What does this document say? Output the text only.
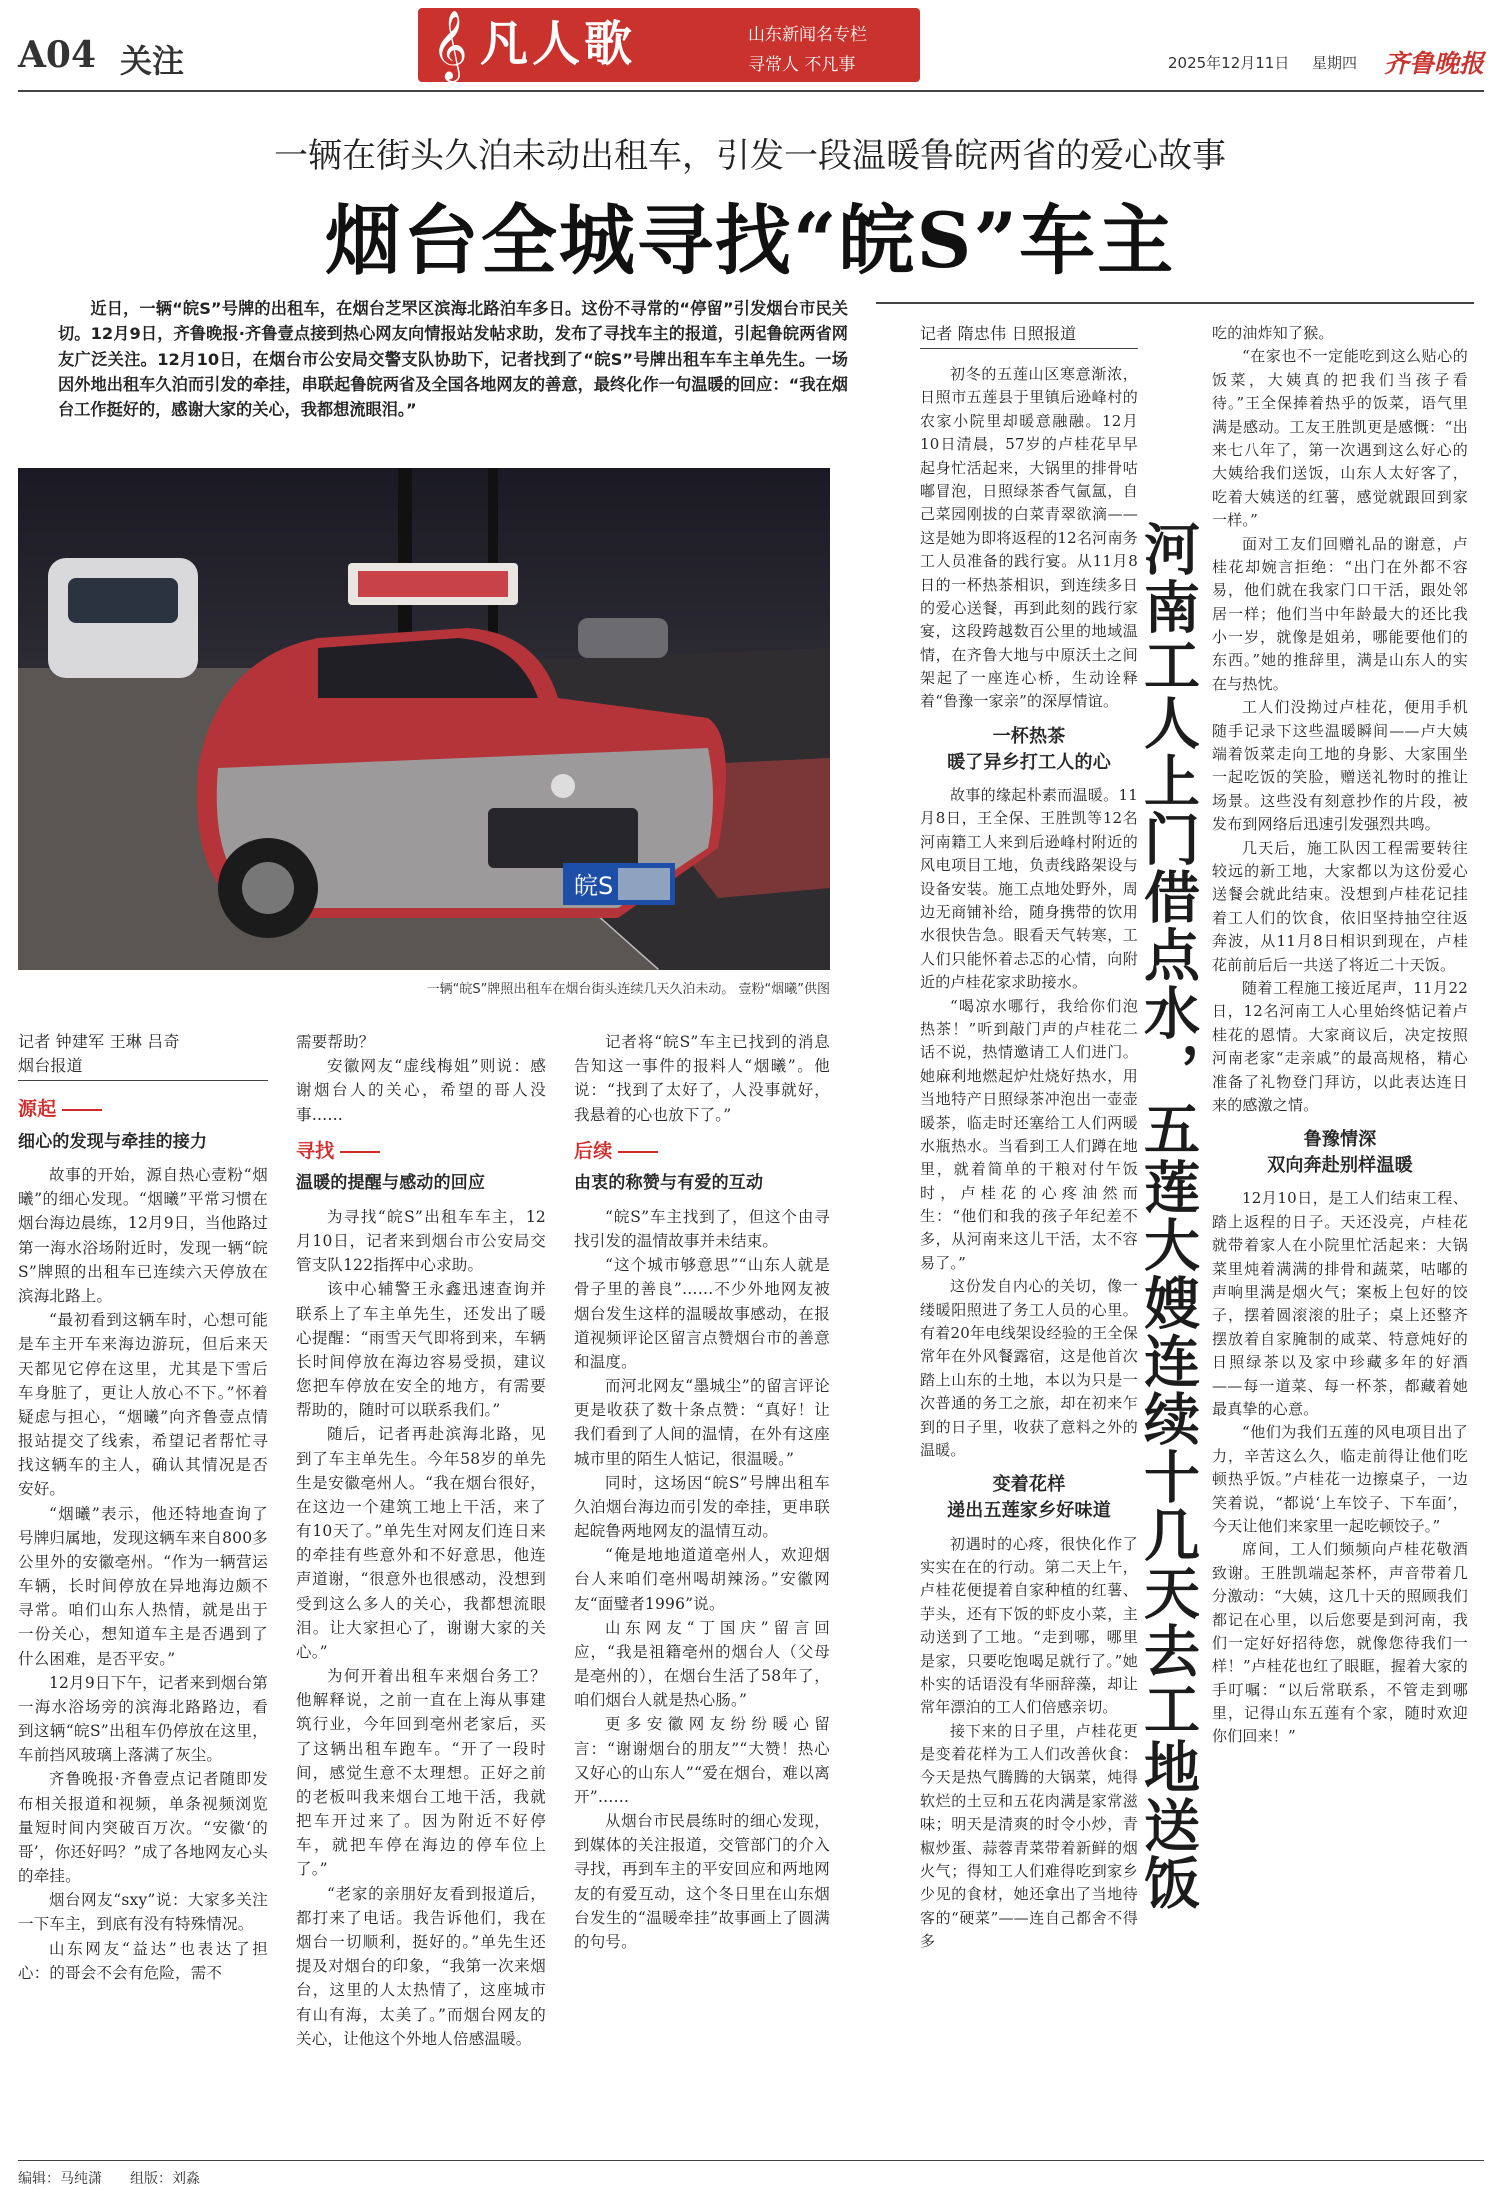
A04 关注	𝄞 凡人歌	山东新闻名专栏
寻常人 不凡事	2025年12月11日 星期四 齐鲁晚报
一辆在街头久泊未动出租车，引发一段温暖鲁皖两省的爱心故事
烟台全城寻找“皖S”车主
近日，一辆“皖S”号牌的出租车，在烟台芝罘区滨海北路泊车多日。这份不寻常的“停留”引发烟台市民关切。12月9日，齐鲁晚报·齐鲁壹点接到热心网友向情报站发帖求助，发布了寻找车主的报道，引起鲁皖两省网友广泛关注。12月10日，在烟台市公安局交警支队协助下，记者找到了“皖S”号牌出租车车主单先生。一场因外地出租车久泊而引发的牵挂，串联起鲁皖两省及全国各地网友的善意，最终化作一句温暖的回应：“我在烟台工作挺好的，感谢大家的关心，我都想流眼泪。”
皖S
一辆“皖S”牌照出租车在烟台街头连续几天久泊未动。 壹粉“烟曦”供图
记者 钟建军 王琳 吕奇
烟台报道
源起
细心的发现与牵挂的接力

故事的开始，源自热心壹粉“烟曦”的细心发现。“烟曦”平常习惯在烟台海边晨练，12月9日，当他路过第一海水浴场附近时，发现一辆“皖S”牌照的出租车已连续六天停放在滨海北路上。

“最初看到这辆车时，心想可能是车主开车来海边游玩，但后来天天都见它停在这里，尤其是下雪后车身脏了，更让人放心不下。”怀着疑虑与担心，“烟曦”向齐鲁壹点情报站提交了线索，希望记者帮忙寻找这辆车的主人，确认其情况是否安好。

“烟曦”表示，他还特地查询了号牌归属地，发现这辆车来自800多公里外的安徽亳州。“作为一辆营运车辆，长时间停放在异地海边颇不寻常。咱们山东人热情，就是出于一份关心，想知道车主是否遇到了什么困难，是否平安。”

12月9日下午，记者来到烟台第一海水浴场旁的滨海北路路边，看到这辆“皖S”出租车仍停放在这里，车前挡风玻璃上落满了灰尘。

齐鲁晚报·齐鲁壹点记者随即发布相关报道和视频，单条视频浏览量短时间内突破百万次。“安徽‘的哥’，你还好吗？”成了各地网友心头的牵挂。

烟台网友“sxy”说：大家多关注一下车主，到底有没有特殊情况。

山东网友“益达”也表达了担心：的哥会不会有危险，需不

需要帮助？

安徽网友“虚线梅姐”则说：感谢烟台人的关心，希望的哥人没事……

寻找
温暖的提醒与感动的回应

为寻找“皖S”出租车车主，12月10日，记者来到烟台市公安局交管支队122指挥中心求助。

该中心辅警王永鑫迅速查询并联系上了车主单先生，还发出了暖心提醒：“雨雪天气即将到来，车辆长时间停放在海边容易受损，建议您把车停放在安全的地方，有需要帮助的，随时可以联系我们。”

随后，记者再赴滨海北路，见到了车主单先生。今年58岁的单先生是安徽亳州人。“我在烟台很好，在这边一个建筑工地上干活，来了有10天了。”单先生对网友们连日来的牵挂有些意外和不好意思，他连声道谢，“很意外也很感动，没想到受到这么多人的关心，我都想流眼泪。让大家担心了，谢谢大家的关心。”

为何开着出租车来烟台务工？他解释说，之前一直在上海从事建筑行业，今年回到亳州老家后，买了这辆出租车跑车。“开了一段时间，感觉生意不太理想。正好之前的老板叫我来烟台工地干活，我就把车开过来了。因为附近不好停车，就把车停在海边的停车位上了。”

“老家的亲朋好友看到报道后，都打来了电话。我告诉他们，我在烟台一切顺利，挺好的。”单先生还提及对烟台的印象，“我第一次来烟台，这里的人太热情了，这座城市有山有海，太美了。”而烟台网友的关心，让他这个外地人倍感温暖。

记者将“皖S”车主已找到的消息告知这一事件的报料人“烟曦”。他说：“找到了太好了，人没事就好，我悬着的心也放下了。”

后续
由衷的称赞与有爱的互动

“皖S”车主找到了，但这个由寻找引发的温情故事并未结束。

“这个城市够意思”“山东人就是骨子里的善良”……不少外地网友被烟台发生这样的温暖故事感动，在报道视频评论区留言点赞烟台市的善意和温度。

而河北网友“墨城尘”的留言评论更是收获了数十条点赞：“真好！让我们看到了人间的温情，在外有这座城市里的陌生人惦记，很温暖。”

同时，这场因“皖S”号牌出租车久泊烟台海边而引发的牵挂，更串联起皖鲁两地网友的温情互动。

“俺是地地道道亳州人，欢迎烟台人来咱们亳州喝胡辣汤。”安徽网友“面璧者1996”说。

山东网友“丁国庆”留言回应，“我是祖籍亳州的烟台人（父母是亳州的），在烟台生活了58年了，咱们烟台人就是热心肠。”

更多安徽网友纷纷暖心留言：“谢谢烟台的朋友”“大赞！热心又好心的山东人”“爱在烟台，难以离开”……

从烟台市民晨练时的细心发现，到媒体的关注报道，交管部门的介入寻找，再到车主的平安回应和两地网友的有爱互动，这个冬日里在山东烟台发生的“温暖牵挂”故事画上了圆满的句号。

记者 隋忠伟 日照报道

初冬的五莲山区寒意渐浓，日照市五莲县于里镇后逊峰村的农家小院里却暖意融融。12月10日清晨，57岁的卢桂花早早起身忙活起来，大锅里的排骨咕嘟冒泡，日照绿茶香气氤氲，自己菜园刚拔的白菜青翠欲滴——这是她为即将返程的12名河南务工人员准备的践行宴。从11月8日的一杯热茶相识，到连续多日的爱心送餐，再到此刻的践行家宴，这段跨越数百公里的地域温情，在齐鲁大地与中原沃土之间架起了一座连心桥，生动诠释着“鲁豫一家亲”的深厚情谊。

一杯热茶
暖了异乡打工人的心

故事的缘起朴素而温暖。11月8日，王全保、王胜凯等12名河南籍工人来到后逊峰村附近的风电项目工地，负责线路架设与设备安装。施工点地处野外，周边无商铺补给，随身携带的饮用水很快告急。眼看天气转寒，工人们只能怀着忐忑的心情，向附近的卢桂花家求助接水。

“喝凉水哪行，我给你们泡热茶！”听到敲门声的卢桂花二话不说，热情邀请工人们进门。她麻利地燃起炉灶烧好热水，用当地特产日照绿茶冲泡出一壶壶暖茶，临走时还塞给工人们两暖水瓶热水。当看到工人们蹲在地里，就着简单的干粮对付午饭时，卢桂花的心疼油然而生：“他们和我的孩子年纪差不多，从河南来这儿干活，太不容易了。”

这份发自内心的关切，像一缕暖阳照进了务工人员的心里。有着20年电线架设经验的王全保常年在外风餐露宿，这是他首次踏上山东的土地，本以为只是一次普通的务工之旅，却在初来乍到的日子里，收获了意料之外的温暖。

变着花样
递出五莲家乡好味道

初遇时的心疼，很快化作了实实在在的行动。第二天上午，卢桂花便提着自家种植的红薯、芋头，还有下饭的虾皮小菜，主动送到了工地。“走到哪，哪里是家，只要吃饱喝足就行了。”她朴实的话语没有华丽辞藻，却让常年漂泊的工人们倍感亲切。

接下来的日子里，卢桂花更是变着花样为工人们改善伙食：今天是热气腾腾的大锅菜，炖得软烂的土豆和五花肉满是家常滋味；明天是清爽的时令小炒，青椒炒蛋、蒜蓉青菜带着新鲜的烟火气；得知工人们难得吃到家乡少见的食材，她还拿出了当地待客的“硬菜”——连自己都舍不得多

河南工人上门借点水，五莲大嫂连续十几天去工地送饭

吃的油炸知了猴。

“在家也不一定能吃到这么贴心的饭菜，大姨真的把我们当孩子看待。”王全保捧着热乎的饭菜，语气里满是感动。工友王胜凯更是感慨：“出来七八年了，第一次遇到这么好心的大姨给我们送饭，山东人太好客了，吃着大姨送的红薯，感觉就跟回到家一样。”

面对工友们回赠礼品的谢意，卢桂花却婉言拒绝：“出门在外都不容易，他们就在我家门口干活，跟处邻居一样；他们当中年龄最大的还比我小一岁，就像是姐弟，哪能要他们的东西。”她的推辞里，满是山东人的实在与热忱。

工人们没拗过卢桂花，便用手机随手记录下这些温暖瞬间——卢大姨端着饭菜走向工地的身影、大家围坐一起吃饭的笑脸，赠送礼物时的推让场景。这些没有刻意抄作的片段，被发布到网络后迅速引发强烈共鸣。

几天后，施工队因工程需要转往较远的新工地，大家都以为这份爱心送餐会就此结束。没想到卢桂花记挂着工人们的饮食，依旧坚持抽空往返奔波，从11月8日相识到现在，卢桂花前前后后一共送了将近二十天饭。

随着工程施工接近尾声，11月22日，12名河南工人心里始终惦记着卢桂花的恩情。大家商议后，决定按照河南老家“走亲戚”的最高规格，精心准备了礼物登门拜访，以此表达连日来的感激之情。

鲁豫情深
双向奔赴别样温暖

12月10日，是工人们结束工程、踏上返程的日子。天还没亮，卢桂花就带着家人在小院里忙活起来：大锅菜里炖着满满的排骨和蔬菜，咕嘟的声响里满是烟火气；案板上包好的饺子，摆着圆滚滚的肚子；桌上还整齐摆放着自家腌制的咸菜、特意炖好的日照绿茶以及家中珍藏多年的好酒——每一道菜、每一杯茶，都藏着她最真挚的心意。

“他们为我们五莲的风电项目出了力，辛苦这么久，临走前得让他们吃顿热乎饭。”卢桂花一边擦桌子，一边笑着说，“都说‘上车饺子、下车面’，今天让他们来家里一起吃顿饺子。”

席间，工人们频频向卢桂花敬酒致谢。王胜凯端起茶杯，声音带着几分激动：“大姨，这几十天的照顾我们都记在心里，以后您要是到河南，我们一定好好招待您，就像您待我们一样！”卢桂花也红了眼眶，握着大家的手叮嘱：“以后常联系，不管走到哪里，记得山东五莲有个家，随时欢迎你们回来！”

编辑：马纯潇 组版：刘淼
